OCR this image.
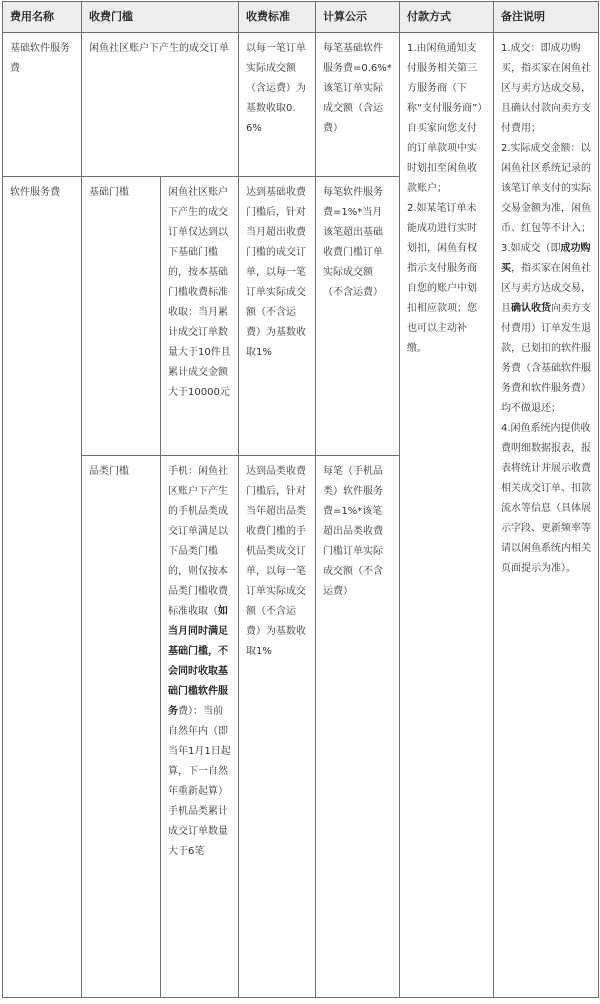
费用名称	收费门槛		收费标准	计算公示	付款方式	备注说明
基础软件服务费	闲鱼社区账户下产生的成交订单		以每一笔订单实际成交额（含运费）为基数收取0.6%	每笔基础软件服务费=0.6%*该笔订单实际成交额（含运费）	1.由闲鱼通知支付服务相关第三方服务商（下称“支付服务商”）自买家向您支付的订单款项中实时划扣至闲鱼收款账户；
2.如某笔订单未能成功进行实时划扣，闲鱼有权指示支付服务商自您的账户中划扣相应款项；您也可以主动补缴。	1.成交：即成功购买，指买家在闲鱼社区与卖方达成交易，且确认付款向卖方支付费用；
2.实际成交金额：以闲鱼社区系统记录的该笔订单支付的实际交易金额为准，闲鱼币、红包等不计入；
3.如成交（即成功购买，指买家在闲鱼社区与卖方达成交易，且确认收货向卖方支付费用）订单发生退款，已划扣的软件服务费（含基础软件服务费和软件服务费）均不做退还；
4.闲鱼系统内提供收费明细数据报表，报表将统计并展示收费相关成交订单、扣款流水等信息（具体展示字段、更新频率等请以闲鱼系统内相关页面提示为准）。

软件服务费	基础门槛	闲鱼社区账户下产生的成交订单仅达到以下基础门槛的，按本基础门槛收费标准收取：当月累计成交订单数量大于10件且累计成交金额大于10000元	达到基础收费门槛后，针对当月超出收费门槛的成交订单，以每一笔订单实际成交额（不含运费）为基数收取1%	每笔软件服务费=1%*当月该笔超出基础收费门槛订单实际成交额（不含运费）		
	品类门槛	手机：闲鱼社区账户下产生的手机品类成交订单满足以下品类门槛的，则仅按本品类门槛收费标准收取（如当月同时满足基础门槛，不会同时收取基础门槛软件服务费）：当前自然年内（即当年1月1日起算，下一自然年重新起算）手机品类累计成交订单数量大于6笔	达到品类收费门槛后，针对当年超出品类收费门槛的手机品类成交订单，以每一笔订单实际成交额（不含运费）为基数收取1%	每笔（手机品类）软件服务费=1%*该笔超出品类收费门槛订单实际成交额（不含运费）		
